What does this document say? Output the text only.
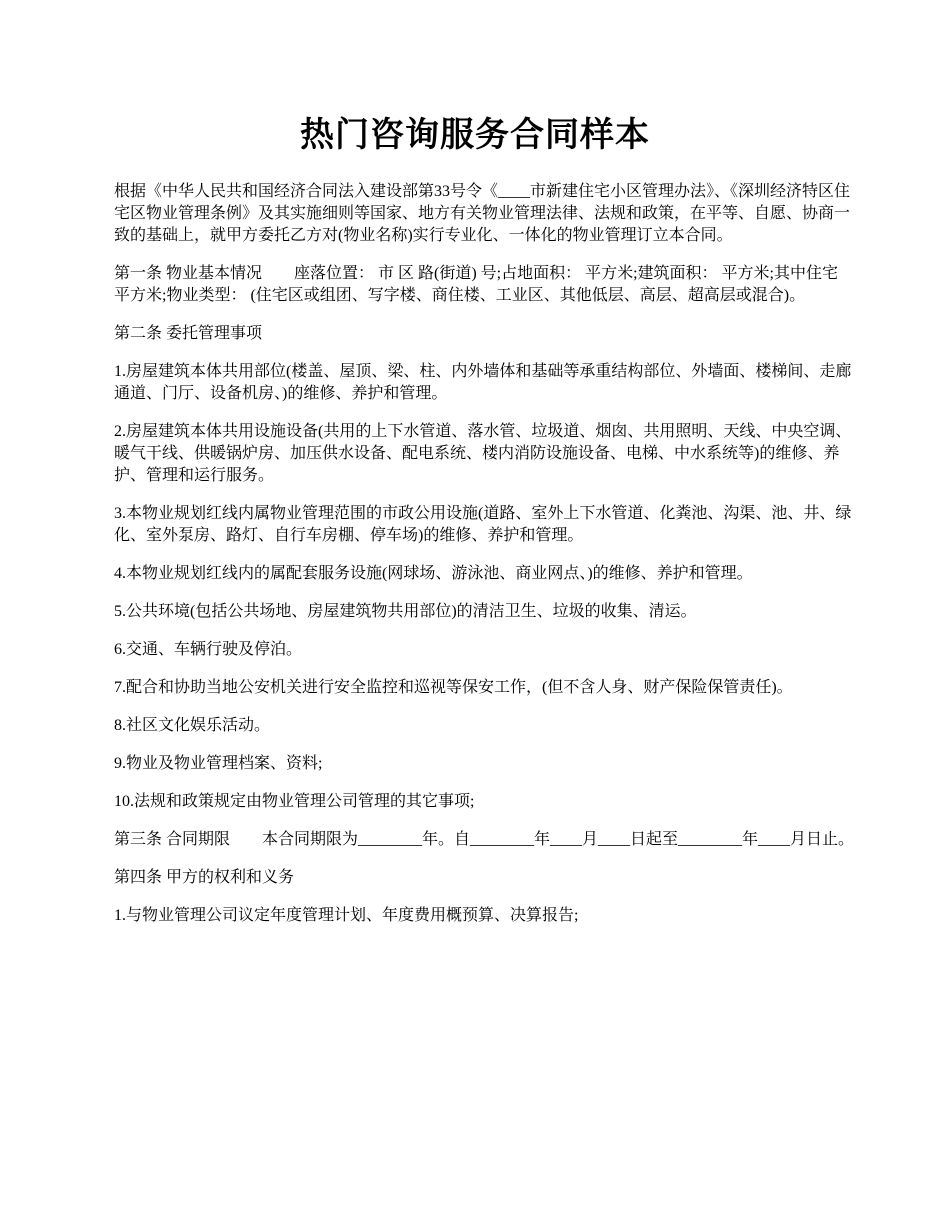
热门咨询服务合同样本

根据《中华人民共和国经济合同法入建设部第33号令《____市新建住宅小区管理办法》、《深圳经济特区住宅区物业管理条例》及其实施细则等国家、地方有关物业管理法律、法规和政策，在平等、自愿、协商一致的基础上，就甲方委托乙方对(物业名称)实行专业化、一体化的物业管理订立本合同。

第一条 物业基本情况　　座落位置： 市 区 路(街道) 号;占地面积： 平方米;建筑面积： 平方米;其中住宅 平方米;物业类型： (住宅区或组团、写字楼、商住楼、工业区、其他低层、高层、超高层或混合)。

第二条 委托管理事项

1.房屋建筑本体共用部位(楼盖、屋顶、梁、柱、内外墙体和基础等承重结构部位、外墙面、楼梯间、走廊通道、门厅、设备机房、)的维修、养护和管理。

2.房屋建筑本体共用设施设备(共用的上下水管道、落水管、垃圾道、烟囱、共用照明、天线、中央空调、暖气干线、供暖锅炉房、加压供水设备、配电系统、楼内消防设施设备、电梯、中水系统等)的维修、养护、管理和运行服务。

3.本物业规划红线内属物业管理范围的市政公用设施(道路、室外上下水管道、化粪池、沟渠、池、井、绿化、室外泵房、路灯、自行车房棚、停车场)的维修、养护和管理。

4.本物业规划红线内的属配套服务设施(网球场、游泳池、商业网点、)的维修、养护和管理。

5.公共环境(包括公共场地、房屋建筑物共用部位)的清洁卫生、垃圾的收集、清运。

6.交通、车辆行驶及停泊。

7.配合和协助当地公安机关进行安全监控和巡视等保安工作，(但不含人身、财产保险保管责任)。

8.社区文化娱乐活动。

9.物业及物业管理档案、资料;

10.法规和政策规定由物业管理公司管理的其它事项;

第三条 合同期限　　本合同期限为________年。自________年____月____日起至________年____月日止。

第四条 甲方的权利和义务

1.与物业管理公司议定年度管理计划、年度费用概预算、决算报告;
